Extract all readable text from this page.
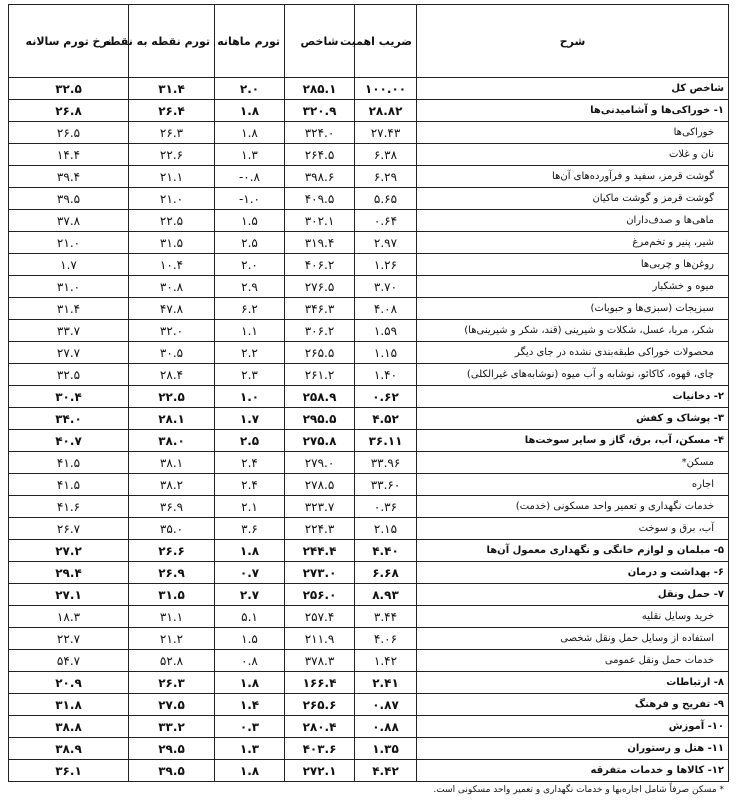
شرح	ضریب اهمیت	شاخص	تورم ماهانه	تورم نقطه به نقطه	نرخ تورم سالانه
شاخص کل	۱۰۰.۰۰	۲۸۵.۱	۲.۰	۳۱.۴	۳۲.۵
۱- خوراکی‌ها و آشامیدنی‌ها	۲۸.۸۲	۳۲۰.۹	۱.۸	۲۶.۴	۲۶.۸
خوراکی‌ها	۲۷.۴۳	۳۲۴.۰	۱.۸	۲۶.۳	۲۶.۵
نان و غلات	۶.۳۸	۲۶۴.۵	۱.۳	۲۲.۶	۱۴.۴
گوشت قرمز، سفید و فرآورده‌های آن‌ها	۶.۲۹	۳۹۸.۶	-۰.۸	۲۱.۱	۳۹.۴
گوشت قرمز و گوشت ماکیان	۵.۶۵	۴۰۹.۵	-۱.۰	۲۱.۰	۳۹.۵
ماهی‌ها و صدف‌داران	۰.۶۴	۳۰۲.۱	۱.۵	۲۲.۵	۳۷.۸
شیر، پنیر و تخم‌مرغ	۲.۹۷	۳۱۹.۴	۲.۵	۳۱.۵	۲۱.۰
روغن‌ها و چربی‌ها	۱.۲۶	۴۰۶.۲	۲.۰	۱۰.۴	۱.۷
میوه و خشکبار	۳.۷۰	۲۷۶.۵	۲.۹	۳۰.۸	۳۱.۰
سبزیجات (سبزی‌ها و حبوبات)	۴.۰۸	۳۴۶.۳	۶.۲	۴۷.۸	۳۱.۴
شکر، مربا، عسل، شکلات و شیرینی (قند، شکر و شیرینی‌ها)	۱.۵۹	۳۰۶.۲	۱.۱	۳۲.۰	۳۳.۷
محصولات خوراکی طبقه‌بندی نشده در جای دیگر	۱.۱۵	۲۶۵.۵	۲.۲	۳۰.۵	۲۷.۷
چای، قهوه، کاکائو، نوشابه و آب میوه (نوشابه‌های غیرالکلی)	۱.۴۰	۲۶۱.۲	۲.۳	۲۸.۴	۳۲.۵
۲- دخانیات	۰.۶۲	۲۵۸.۹	۱.۰	۲۲.۵	۳۰.۴
۳- پوشاک و کفش	۴.۵۲	۲۹۵.۵	۱.۷	۲۸.۱	۳۴.۰
۴- مسکن، آب، برق، گاز و سایر سوخت‌ها	۳۶.۱۱	۲۷۵.۸	۲.۵	۳۸.۰	۴۰.۷
مسکن*	۳۳.۹۶	۲۷۹.۰	۲.۴	۳۸.۱	۴۱.۵
اجاره	۳۳.۶۰	۲۷۸.۵	۲.۴	۳۸.۲	۴۱.۵
خدمات نگهداری و تعمیر واحد مسکونی (خدمت)	۰.۳۶	۳۲۳.۷	۲.۱	۳۶.۹	۴۱.۶
آب، برق و سوخت	۲.۱۵	۲۲۴.۳	۳.۶	۳۵.۰	۲۶.۷
۵- مبلمان و لوازم خانگی و نگهداری معمول آن‌ها	۴.۴۰	۲۴۴.۴	۱.۸	۲۶.۶	۲۷.۲
۶- بهداشت و درمان	۶.۶۸	۲۷۳.۰	۰.۷	۲۶.۹	۲۹.۴
۷- حمل ونقل	۸.۹۳	۲۵۶.۰	۲.۷	۳۱.۵	۲۷.۱
خرید وسایل نقلیه	۳.۴۴	۲۵۷.۴	۵.۱	۳۱.۱	۱۸.۳
استفاده از وسایل حمل ونقل شخصی	۴.۰۶	۲۱۱.۹	۱.۵	۲۱.۲	۲۲.۷
خدمات حمل ونقل عمومی	۱.۴۲	۳۷۸.۳	۰.۸	۵۲.۸	۵۴.۷
۸- ارتباطات	۲.۴۱	۱۶۶.۴	۱.۸	۲۶.۳	۲۰.۹
۹- تفریح و فرهنگ	۰.۸۷	۲۶۵.۶	۱.۴	۲۷.۵	۳۱.۸
۱۰- آموزش	۰.۸۸	۲۸۰.۴	۰.۳	۳۳.۲	۳۸.۸
۱۱- هتل و رستوران	۱.۳۵	۴۰۳.۶	۱.۳	۲۹.۵	۳۸.۹
۱۲- کالاها و خدمات متفرقه	۴.۴۲	۲۷۲.۱	۱.۸	۳۹.۵	۳۶.۱
* مسکن صرفاً شامل اجاره‌بها و خدمات نگهداری و تعمیر واحد مسکونی است.
